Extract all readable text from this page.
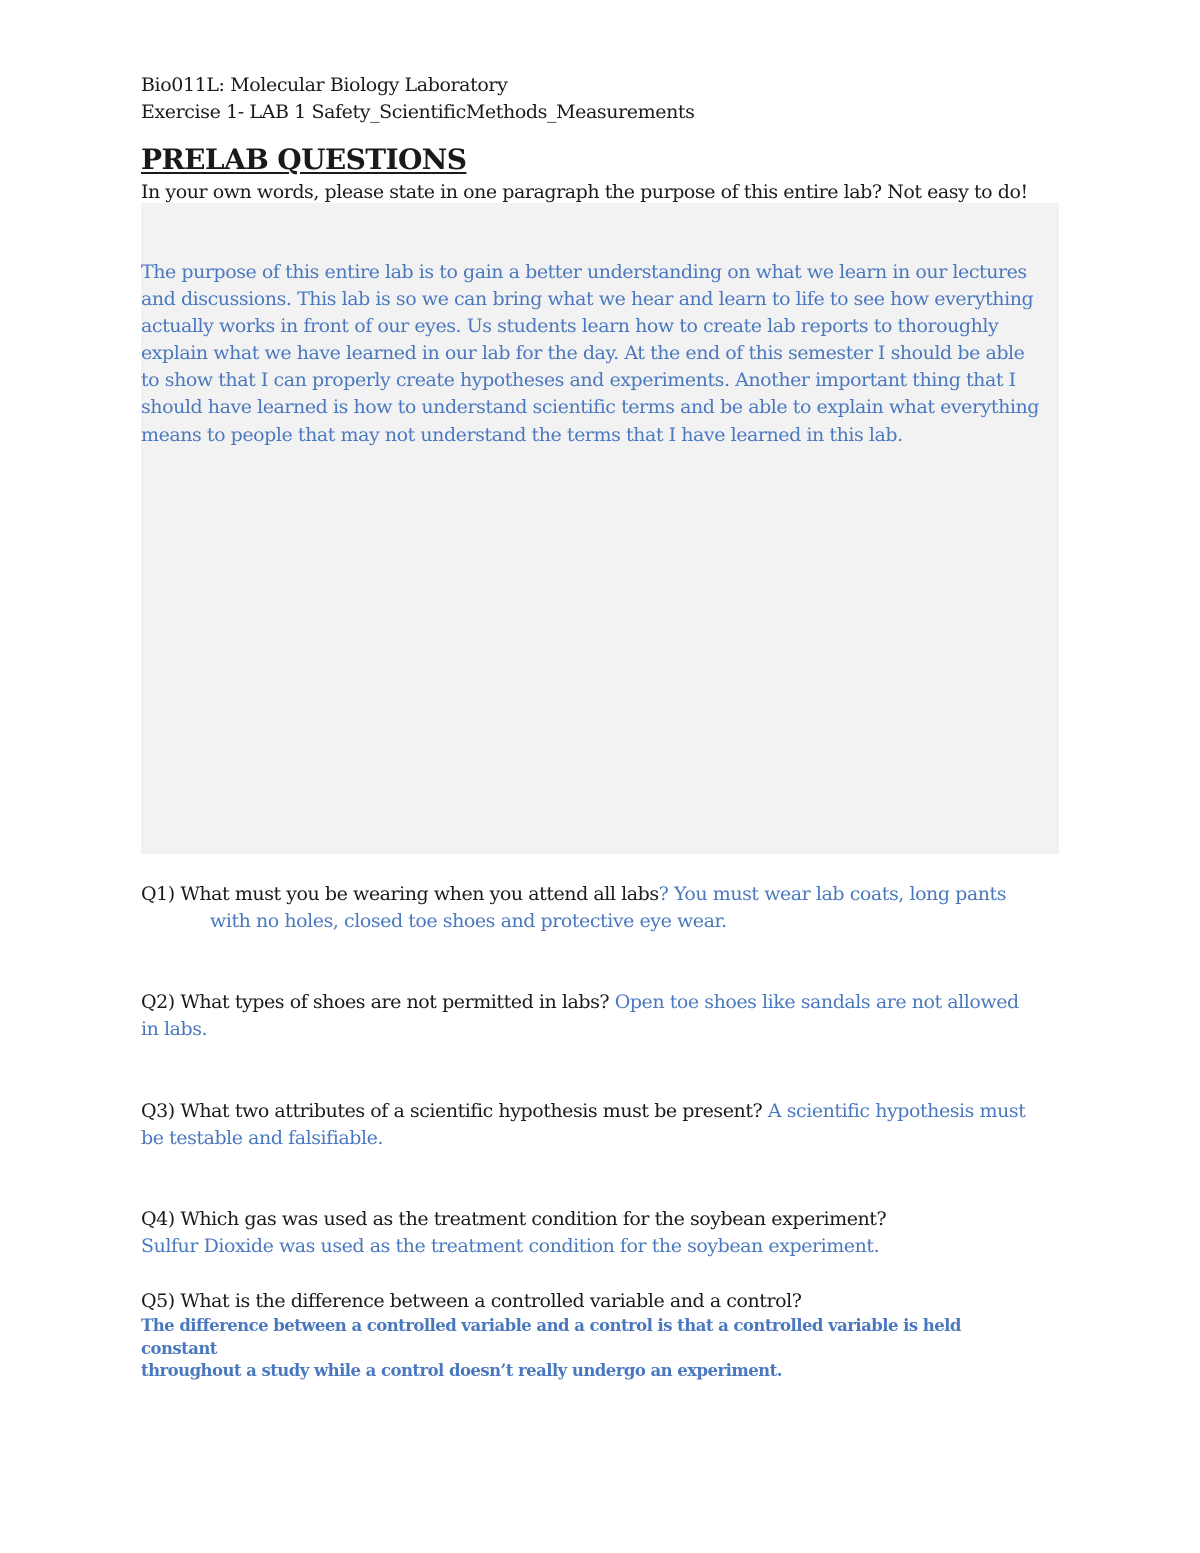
Bio011L: Molecular Biology Laboratory
Exercise 1- LAB 1 Safety_ScientificMethods_Measurements
PRELAB QUESTIONS
In your own words, please state in one paragraph the purpose of this entire lab? Not easy to do!
The purpose of this entire lab is to gain a better understanding on what we learn in our lectures
and discussions. This lab is so we can bring what we hear and learn to life to see how everything
actually works in front of our eyes. Us students learn how to create lab reports to thoroughly
explain what we have learned in our lab for the day. At the end of this semester I should be able
to show that I can properly create hypotheses and experiments. Another important thing that I
should have learned is how to understand scientific terms and be able to explain what everything
means to people that may not understand the terms that I have learned in this lab.
Q1) What must you be wearing when you attend all labs? You must wear lab coats, long pants
with no holes, closed toe shoes and protective eye wear.
Q2) What types of shoes are not permitted in labs? Open toe shoes like sandals are not allowed
in labs.
Q3) What two attributes of a scientific hypothesis must be present? A scientific hypothesis must
be testable and falsifiable.
Q4) Which gas was used as the treatment condition for the soybean experiment?
Sulfur Dioxide was used as the treatment condition for the soybean experiment.
Q5) What is the difference between a controlled variable and a control?
The difference between a controlled variable and a control is that a controlled variable is held constant
throughout a study while a control doesn’t really undergo an experiment.
